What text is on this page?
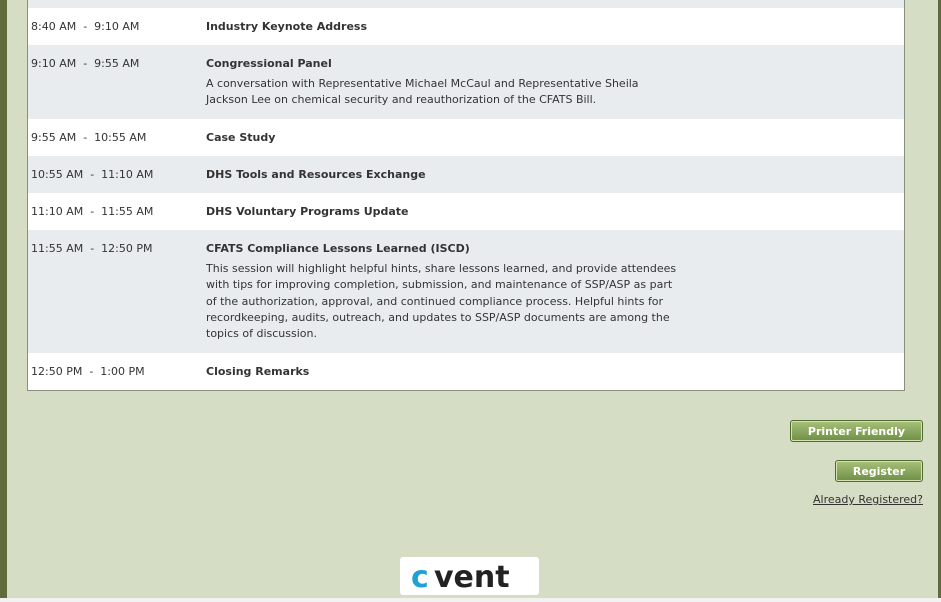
8:40 AM  -  9:10 AM	Industry Keynote Address
9:10 AM  -  9:55 AM	Congressional Panel
A conversation with Representative Michael McCaul and Representative Sheila Jackson Lee on chemical security and reauthorization of the CFATS Bill.
9:55 AM  -  10:55 AM	Case Study
10:55 AM  -  11:10 AM	DHS Tools and Resources Exchange
11:10 AM  -  11:55 AM	DHS Voluntary Programs Update
11:55 AM  -  12:50 PM	CFATS Compliance Lessons Learned (ISCD)
This session will highlight helpful hints, share lessons learned, and provide attendees with tips for improving completion, submission, and maintenance of SSP/ASP as part of the authorization, approval, and continued compliance process. Helpful hints for recordkeeping, audits, outreach, and updates to SSP/ASP documents are among the topics of discussion.
12:50 PM  -  1:00 PM	Closing Remarks
Printer Friendly
Register
Already Registered?
c vent
